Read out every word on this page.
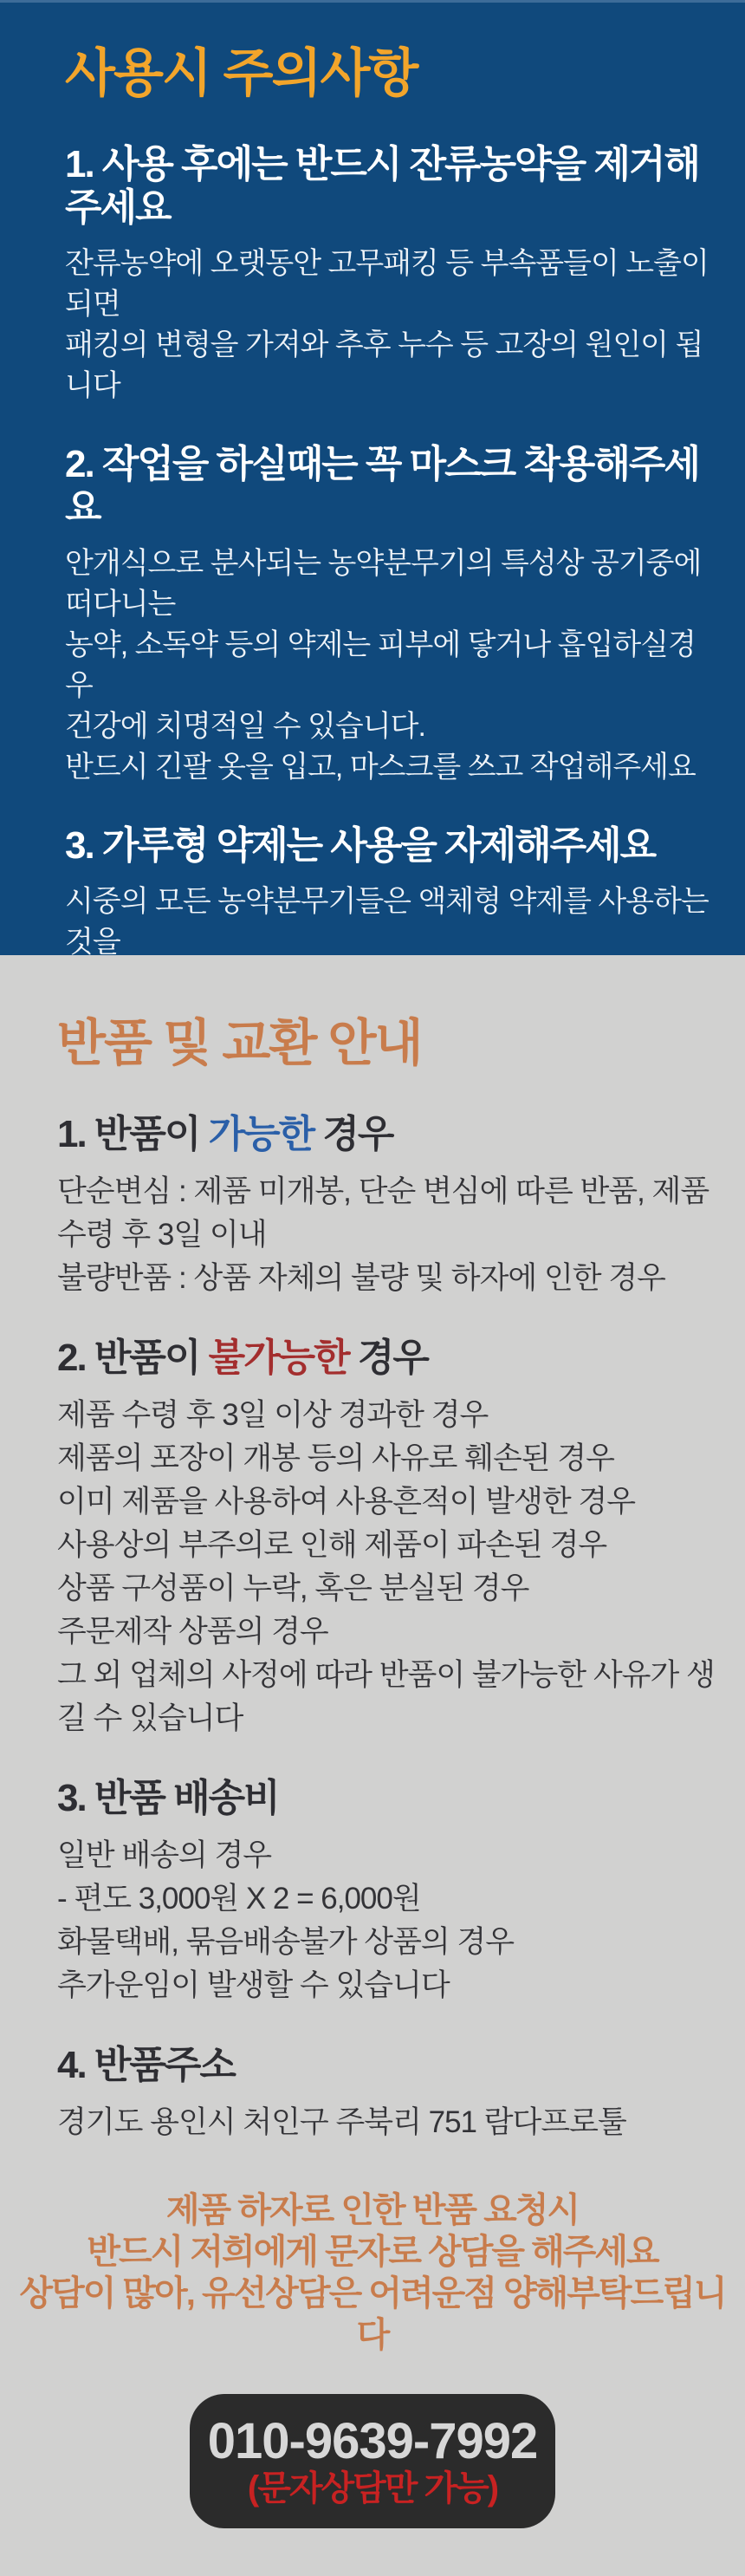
사용시 주의사항
1. 사용 후에는 반드시 잔류농약을 제거해주세요

잔류농약에 오랫동안 고무패킹 등 부속품들이 노출이 되면

패킹의 변형을 가져와 추후 누수 등 고장의 원인이 됩니다

2. 작업을 하실때는 꼭 마스크 착용해주세요

안개식으로 분사되는 농약분무기의 특성상 공기중에 떠다니는

농약, 소독약 등의 약제는 피부에 닿거나 흡입하실경우

건강에 치명적일 수 있습니다.

반드시 긴팔 옷을 입고, 마스크를 쓰고 작업해주세요

3. 가루형 약제는 사용을 자제해주세요

시중의 모든 농약분무기들은 액체형 약제를 사용하는 것을

반품 및 교환 안내
1. 반품이 가능한 경우

단순변심 : 제품 미개봉, 단순 변심에 따른 반품, 제품 수령 후 3일 이내

불량반품 : 상품 자체의 불량 및 하자에 인한 경우

2. 반품이 불가능한 경우

제품 수령 후 3일 이상 경과한 경우

제품의 포장이 개봉 등의 사유로 훼손된 경우

이미 제품을 사용하여 사용흔적이 발생한 경우

사용상의 부주의로 인해 제품이 파손된 경우

상품 구성품이 누락, 혹은 분실된 경우

주문제작 상품의 경우

그 외 업체의 사정에 따라 반품이 불가능한 사유가 생길 수 있습니다

3. 반품 배송비

일반 배송의 경우

- 편도 3,000원 X 2 = 6,000원

화물택배, 묶음배송불가 상품의 경우

추가운임이 발생할 수 있습니다

4. 반품주소

경기도 용인시 처인구 주북리 751 람다프로툴

제품 하자로 인한 반품 요청시

반드시 저희에게 문자로 상담을 해주세요

상담이 많아, 유선상담은 어려운점 양해부탁드립니다

010-9639-7992
(문자상담만 가능)
